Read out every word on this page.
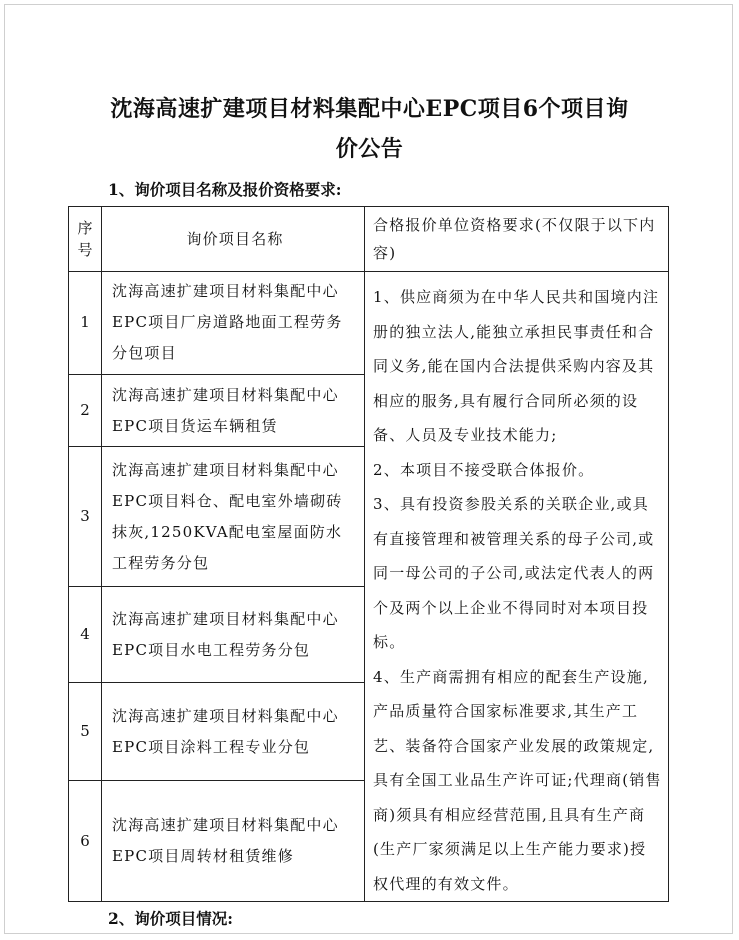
沈海高速扩建项目材料集配中心EPC项目6个项目询
价公告
1、询价项目名称及报价资格要求:
序
号	询价项目名称	合格报价单位资格要求(不仅限于以下内容)
1	沈海高速扩建项目材料集配中心EPC项目厂房道路地面工程劳务分包项目	1、供应商须为在中华人民共和国境内注册的独立法人,能独立承担民事责任和合同义务,能在国内合法提供采购内容及其相应的服务,具有履行合同所必须的设备、人员及专业技术能力;
2、本项目不接受联合体报价。
3、具有投资参股关系的关联企业,或具有直接管理和被管理关系的母子公司,或同一母公司的子公司,或法定代表人的两个及两个以上企业不得同时对本项目投标。
4、生产商需拥有相应的配套生产设施,产品质量符合国家标准要求,其生产工艺、装备符合国家产业发展的政策规定,具有全国工业品生产许可证;代理商(销售商)须具有相应经营范围,且具有生产商(生产厂家须满足以上生产能力要求)授权代理的有效文件。

2	沈海高速扩建项目材料集配中心EPC项目货运车辆租赁	
3	沈海高速扩建项目材料集配中心EPC项目料仓、配电室外墙砌砖抹灰,1250KVA配电室屋面防水工程劳务分包	
4	沈海高速扩建项目材料集配中心EPC项目水电工程劳务分包	
5	沈海高速扩建项目材料集配中心EPC项目涂料工程专业分包	
6	沈海高速扩建项目材料集配中心EPC项目周转材租赁维修	
2、询价项目情况:
